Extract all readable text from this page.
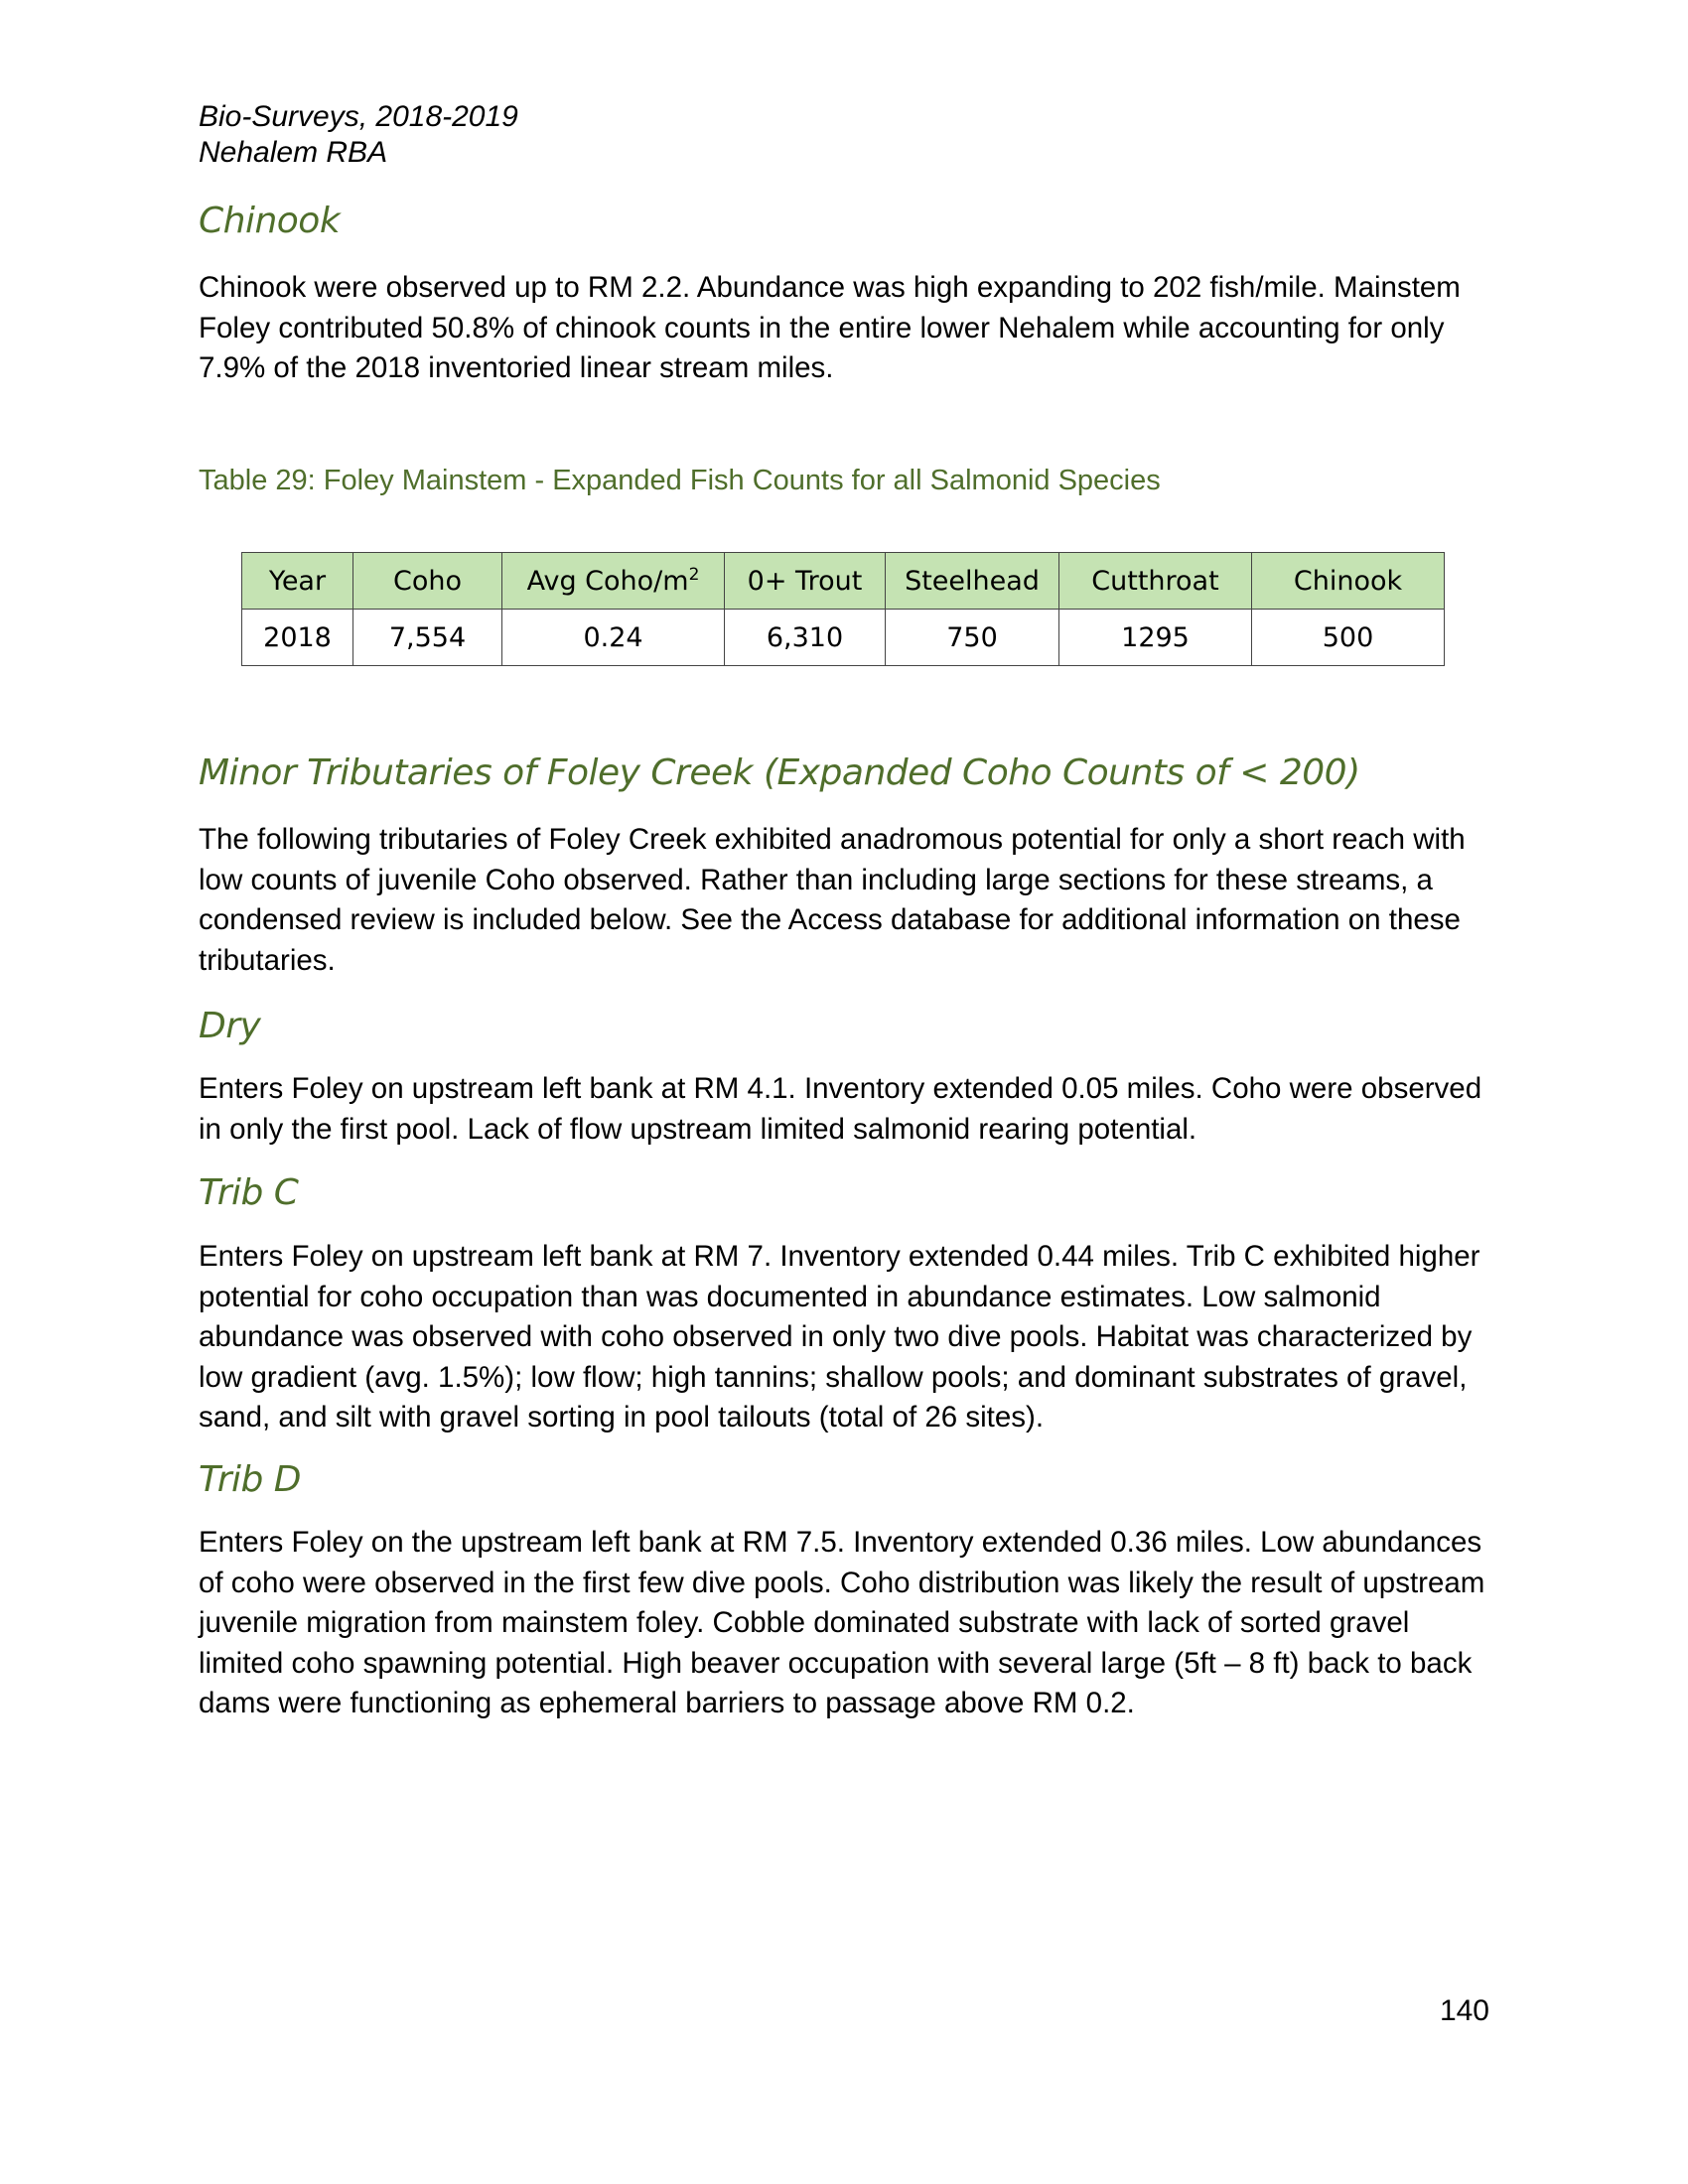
Bio-Surveys, 2018-2019
Nehalem RBA
Chinook

Chinook were observed up to RM 2.2. Abundance was high expanding to 202 fish/mile. Mainstem Foley contributed 50.8% of chinook counts in the entire lower Nehalem while accounting for only 7.9% of the 2018 inventoried linear stream miles.

Table 29: Foley Mainstem - Expanded Fish Counts for all Salmonid Species
Year	Coho	Avg Coho/$m^2$	0+ Trout	Steelhead	Cutthroat	Chinook
2018	7,554	0.24	6,310	750	1295	500
Minor Tributaries of Foley Creek (Expanded Coho Counts of < 200)

The following tributaries of Foley Creek exhibited anadromous potential for only a short reach with low counts of juvenile Coho observed. Rather than including large sections for these streams, a condensed review is included below. See the Access database for additional information on these tributaries.

Dry

Enters Foley on upstream left bank at RM 4.1. Inventory extended 0.05 miles. Coho were observed in only the first pool. Lack of flow upstream limited salmonid rearing potential.

Trib C

Enters Foley on upstream left bank at RM 7. Inventory extended 0.44 miles. Trib C exhibited higher potential for coho occupation than was documented in abundance estimates. Low salmonid abundance was observed with coho observed in only two dive pools. Habitat was characterized by low gradient (avg. 1.5%); low flow; high tannins; shallow pools; and dominant substrates of gravel, sand, and silt with gravel sorting in pool tailouts (total of 26 sites).

Trib D

Enters Foley on the upstream left bank at RM 7.5. Inventory extended 0.36 miles. Low abundances of coho were observed in the first few dive pools. Coho distribution was likely the result of upstream juvenile migration from mainstem foley. Cobble dominated substrate with lack of sorted gravel limited coho spawning potential. High beaver occupation with several large (5ft – 8 ft) back to back dams were functioning as ephemeral barriers to passage above RM 0.2.

140
